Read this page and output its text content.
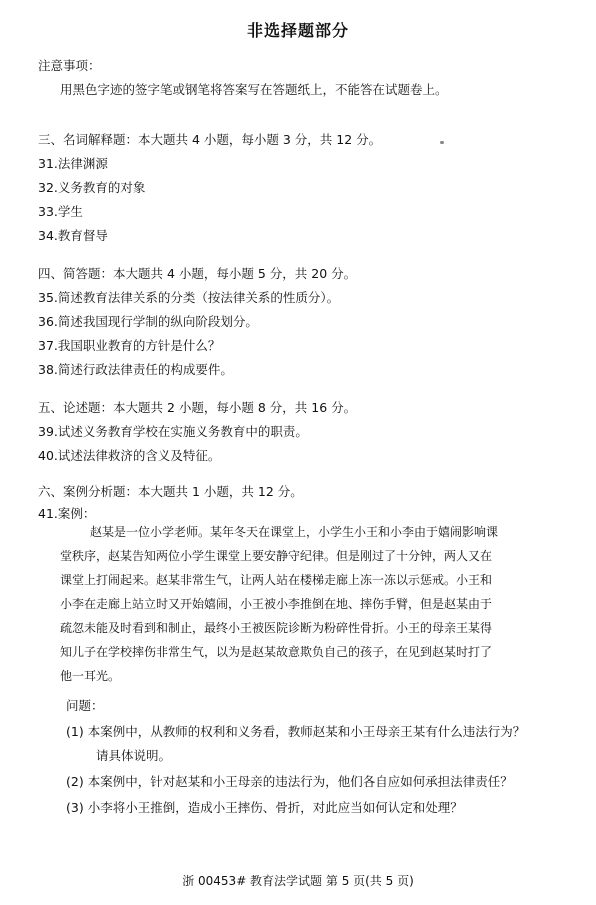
非选择题部分
注意事项：
用黑色字迹的签字笔或钢笔将答案写在答题纸上，不能答在试题卷上。
三、名词解释题：本大题共 4 小题，每小题 3 分，共 12 分。
31.法律渊源
32.义务教育的对象
33.学生
34.教育督导
四、简答题：本大题共 4 小题，每小题 5 分，共 20 分。
35.简述教育法律关系的分类（按法律关系的性质分）。
36.简述我国现行学制的纵向阶段划分。
37.我国职业教育的方针是什么？
38.简述行政法律责任的构成要件。
五、论述题：本大题共 2 小题，每小题 8 分，共 16 分。
39.试述义务教育学校在实施义务教育中的职责。
40.试述法律救济的含义及特征。
六、案例分析题：本大题共 1 小题，共 12 分。
41.案例：
赵某是一位小学老师。某年冬天在课堂上，小学生小王和小李由于嬉闹影响课
堂秩序，赵某告知两位小学生课堂上要安静守纪律。但是刚过了十分钟，两人又在
课堂上打闹起来。赵某非常生气，让两人站在楼梯走廊上冻一冻以示惩戒。小王和
小李在走廊上站立时又开始嬉闹，小王被小李推倒在地、摔伤手臂，但是赵某由于
疏忽未能及时看到和制止，最终小王被医院诊断为粉碎性骨折。小王的母亲王某得
知儿子在学校摔伤非常生气，以为是赵某故意欺负自己的孩子，在见到赵某时打了
他一耳光。
问题：
(1) 本案例中，从教师的权利和义务看，教师赵某和小王母亲王某有什么违法行为？
请具体说明。
(2) 本案例中，针对赵某和小王母亲的违法行为，他们各自应如何承担法律责任？
(3) 小李将小王推倒，造成小王摔伤、骨折，对此应当如何认定和处理？
浙 00453# 教育法学试题 第 5 页(共 5 页)
